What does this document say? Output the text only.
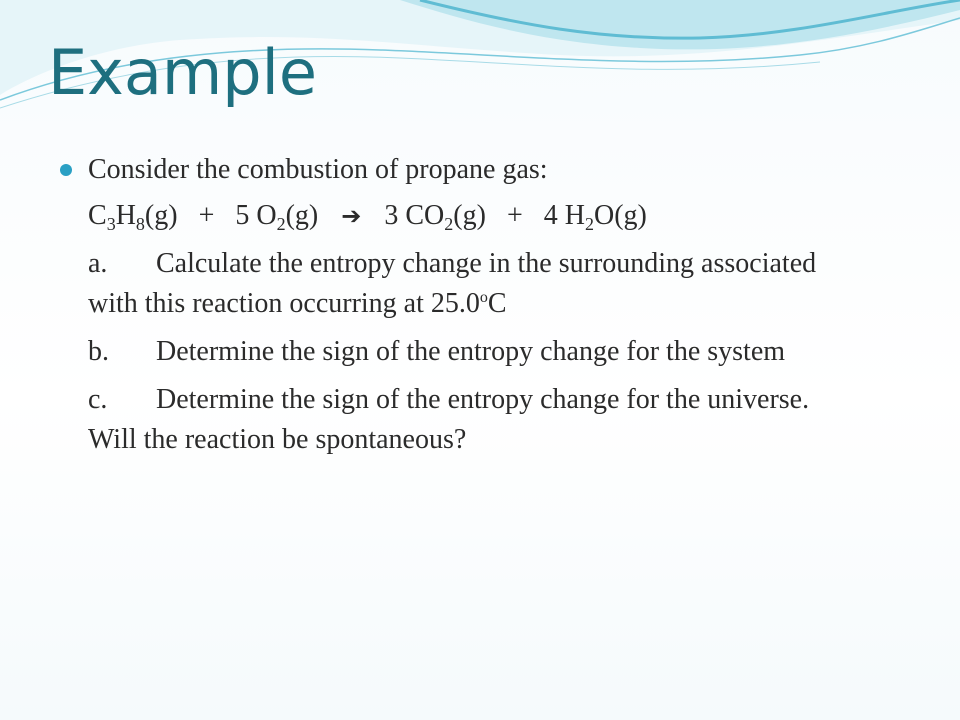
Example

Consider the combustion of propane gas:

$C_3H_8(g) + 5$ $O_2(g)$ ➔ 3 $CO_2(g) + 4$ $H_2O(g)$

a. Calculate the entropy change in the surrounding associated with this reaction occurring at 25.0$^o$C

b. Determine the sign of the entropy change for the system

c. Determine the sign of the entropy change for the universe. Will the reaction be spontaneous?
